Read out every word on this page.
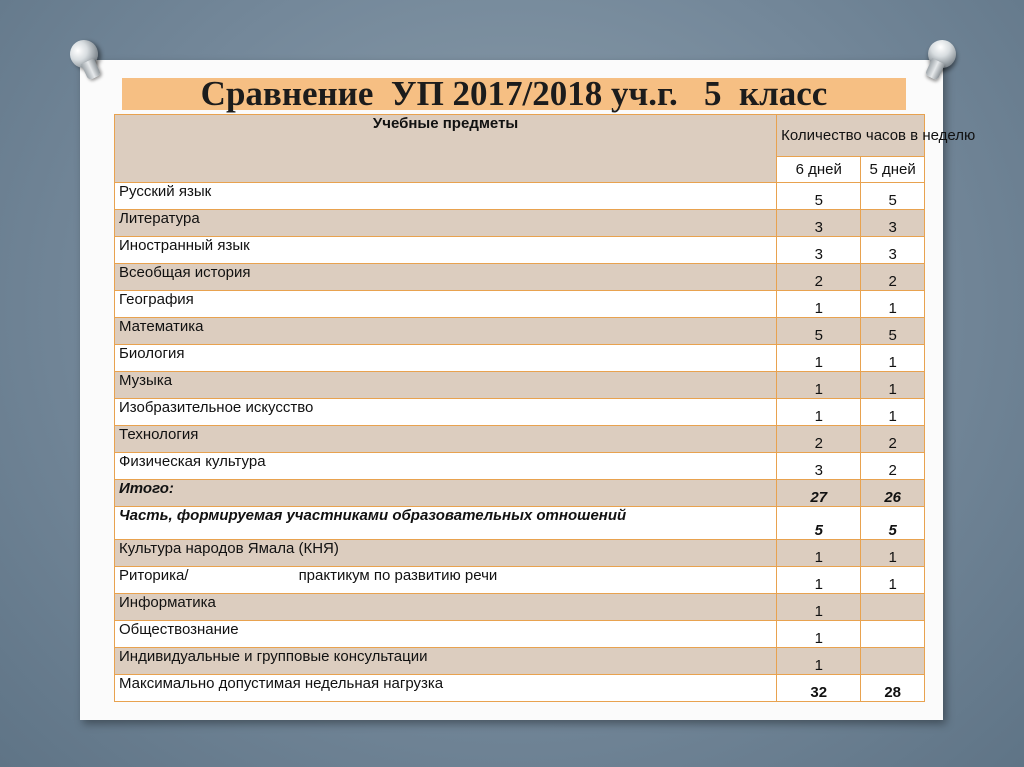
Сравнение  УП 2017/2018 уч.г.   5  класс
Учебные предметы	Количество часов в неделю	
	6 дней	5 дней
Русский язык	5	5
Литература	3	3
Иностранный язык	3	3
Всеобщая история	2	2
География	1	1
Математика	5	5
Биология	1	1
Музыка	1	1
Изобразительное искусство	1	1
Технология	2	2
Физическая культура	3	2
Итого:	27	26
Часть, формируемая участниками образовательных отношений	5	5
Культура народов Ямала (КНЯ)	1	1
Риторика/ практикум по развитию речи	1	1
Информатика	1	
Обществознание	1	
Индивидуальные и групповые консультации	1	
Максимально допустимая недельная нагрузка	32	28
